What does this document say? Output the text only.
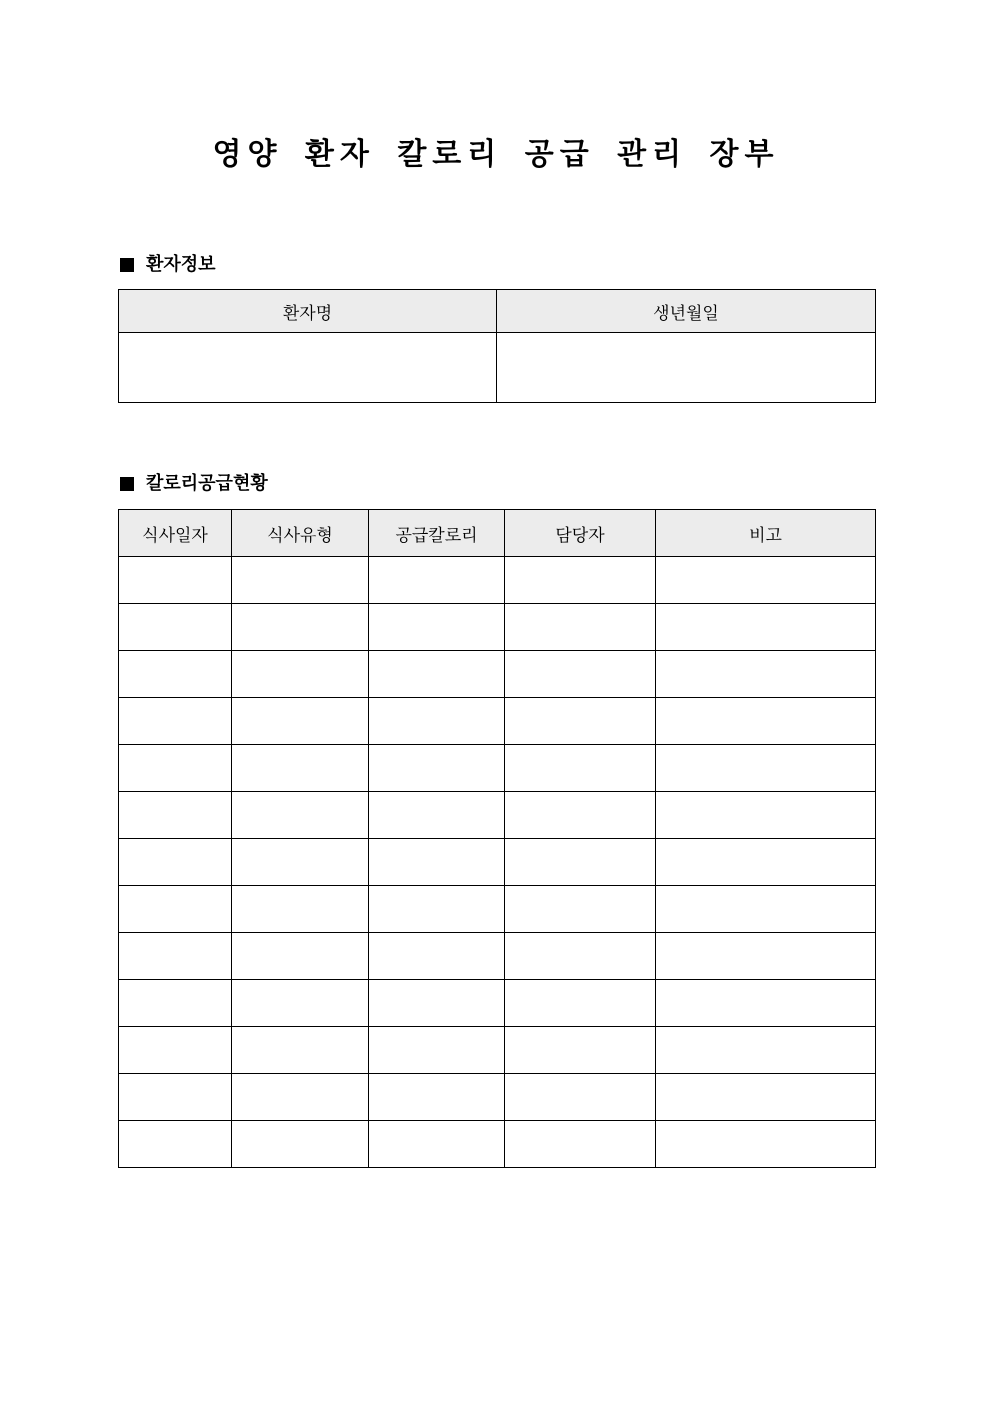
영양 환자 칼로리 공급 관리 장부
환자정보
환자명	생년월일

칼로리공급현황
식사일자	식사유형	공급칼로리	담당자	비고
